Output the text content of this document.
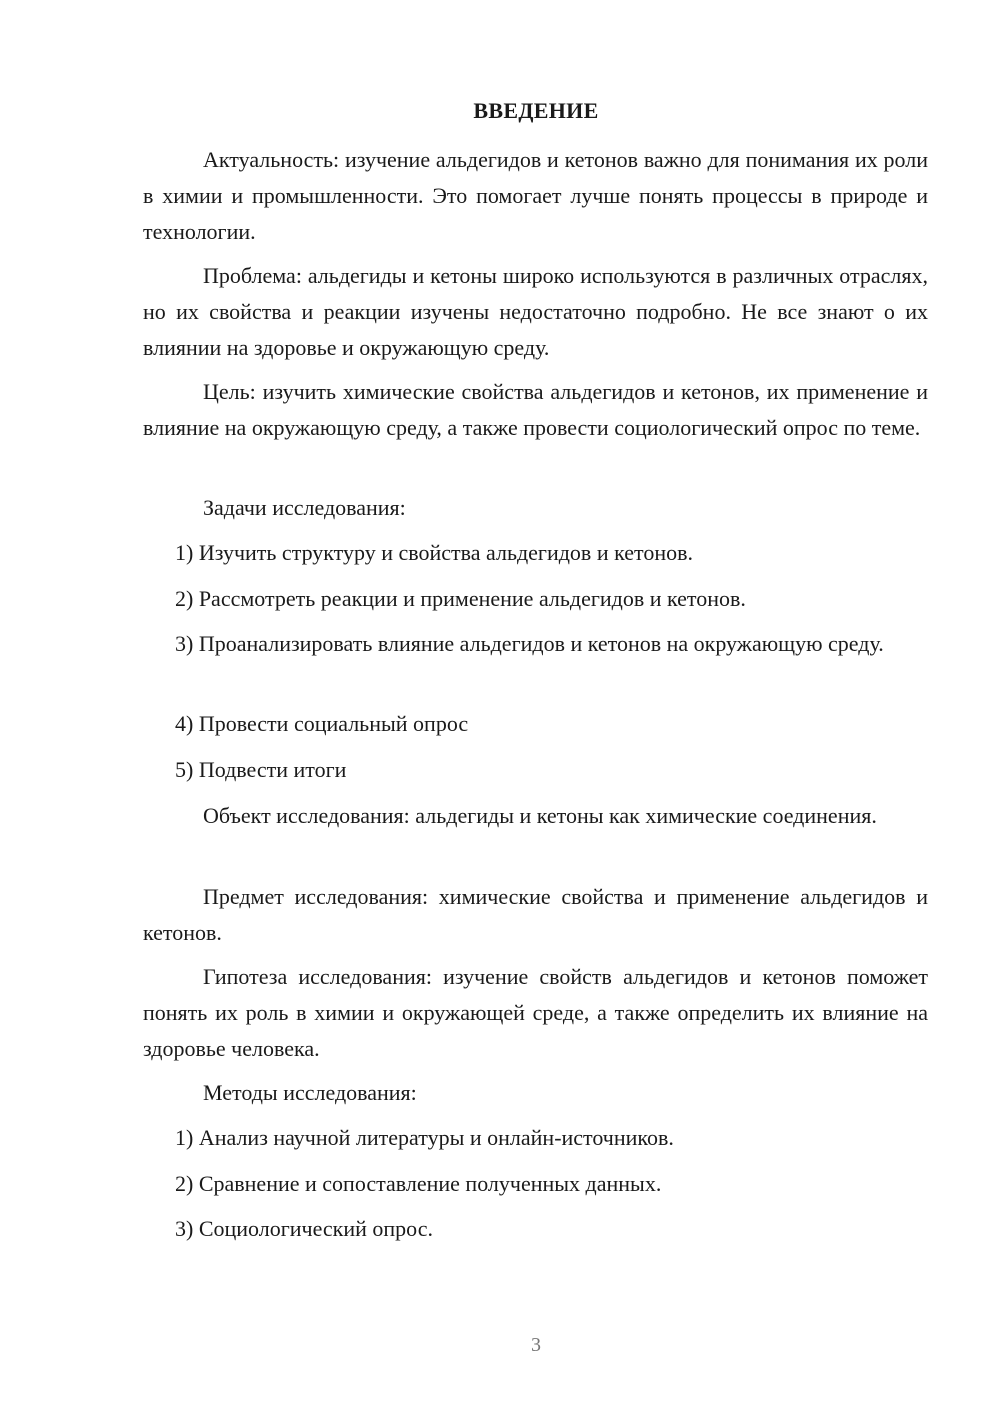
ВВЕДЕНИЕ

Актуальность: изучение альдегидов и кетонов важно для понимания их роли в химии и промышленности. Это помогает лучше понять процессы в природе и технологии.

Проблема: альдегиды и кетоны широко используются в различных отраслях, но их свойства и реакции изучены недостаточно подробно. Не все знают о их влиянии на здоровье и окружающую среду.

Цель: изучить химические свойства альдегидов и кетонов, их применение и влияние на окружающую среду, а также провести социологический опрос по теме.

Задачи исследования:

1) Изучить структуру и свойства альдегидов и кетонов.

2) Рассмотреть реакции и применение альдегидов и кетонов.

3) Проанализировать влияние альдегидов и кетонов на окружающую среду.

4) Провести социальный опрос

5) Подвести итоги

Объект исследования: альдегиды и кетоны как химические соединения.

Предмет исследования: химические свойства и применение альдегидов и кетонов.

Гипотеза исследования: изучение свойств альдегидов и кетонов поможет понять их роль в химии и окружающей среде, а также определить их влияние на здоровье человека.

Методы исследования:

1) Анализ научной литературы и онлайн-источников.

2) Сравнение и сопоставление полученных данных.

3) Социологический опрос.

3
